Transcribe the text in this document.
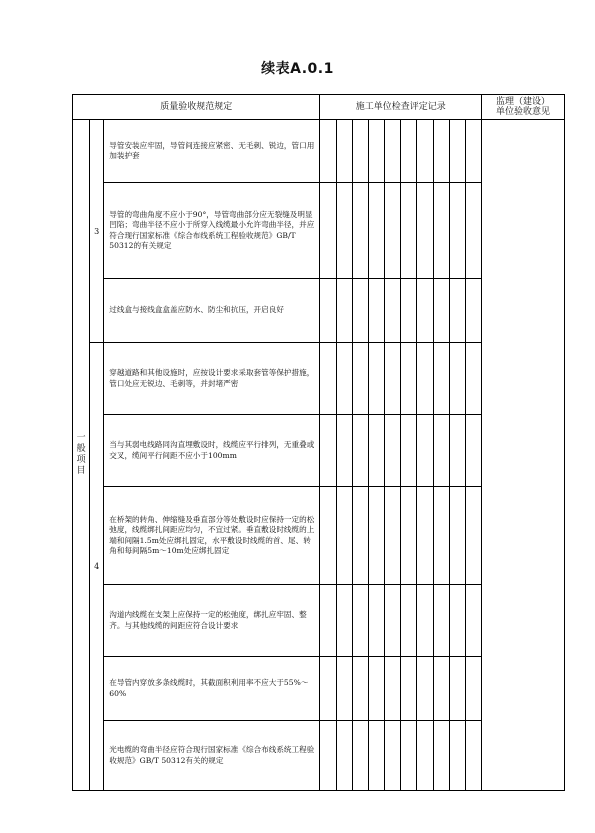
续表A.0.1
质量验收规范规定			施工单位检查评定记录										监理（建设）
单位验收意见
一般项目	3	导管安装应牢固，导管间连接应紧密、无毛刺、锐边，管口用加装护套											
		导管的弯曲角度不应小于90°，导管弯曲部分应无裂缝及明显凹陷；弯曲半径不应小于所穿入线缆最小允许弯曲半径，并应符合现行国家标准《综合布线系统工程验收规范》GB/T 50312的有关规定											
		过线盒与接线盒盒盖应防水、防尘和抗压，开启良好											
	4	穿越道路和其他设施时，应按设计要求采取套管等保护措施，管口处应无锐边、毛刺等，并封堵严密											
		当与其弱电线路同沟直埋敷设时，线缆应平行排列，无重叠或交叉，缆间平行间距不应小于100mm											
		在桥架的转角、伸缩缝及垂直部分等处敷设时应保持一定的松弛度，线缆绑扎间距应均匀，不宜过紧。垂直敷设时线缆的上端和间隔1.5m处应绑扎固定，水平敷设时线缆的首、尾、转角和每间隔5m～10m处应绑扎固定											
		沟道内线缆在支架上应保持一定的松弛度，绑扎应牢固、整齐。与其他线缆的间距应符合设计要求											
		在导管内穿放多条线缆时，其截面积利用率不应大于55%～60%											
		光电缆的弯曲半径应符合现行国家标准《综合布线系统工程验收规范》GB/T 50312有关的规定											
